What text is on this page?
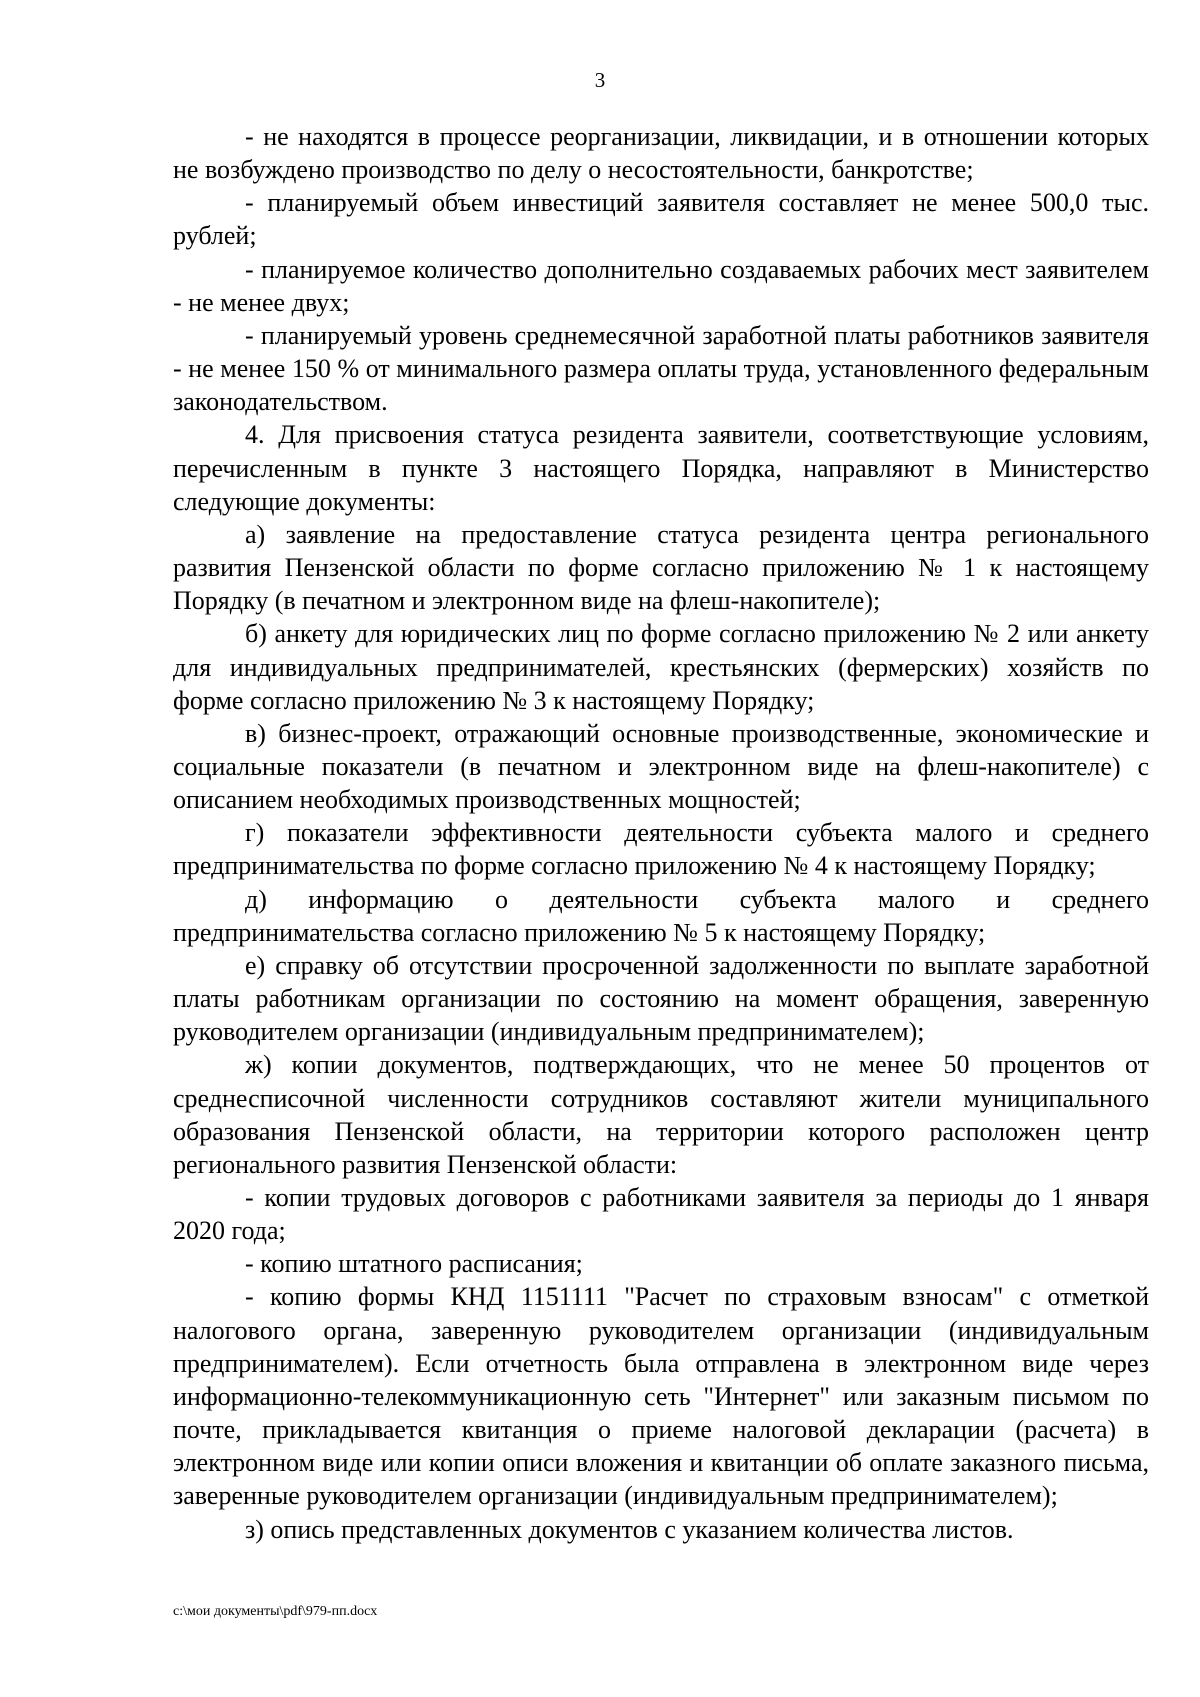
3

- не находятся в процессе реорганизации, ликвидации, и в отношении которых не возбуждено производство по делу о несостоятельности, банкротстве;

- планируемый объем инвестиций заявителя составляет не менее 500,0 тыс. рублей;

- планируемое количество дополнительно создаваемых рабочих мест заявителем - не менее двух;

- планируемый уровень среднемесячной заработной платы работников заявителя - не менее 150 % от минимального размера оплаты труда, установленного федеральным законодательством.

4. Для присвоения статуса резидента заявители, соответствующие условиям, перечисленным в пункте 3 настоящего Порядка, направляют в Министерство следующие документы:

а) заявление на предоставление статуса резидента центра регионального развития Пензенской области по форме согласно приложению № 1 к настоящему Порядку (в печатном и электронном виде на флеш-накопителе);

б) анкету для юридических лиц по форме согласно приложению № 2 или анкету для индивидуальных предпринимателей, крестьянских (фермерских) хозяйств по форме согласно приложению № 3 к настоящему Порядку;

в) бизнес-проект, отражающий основные производственные, экономические и социальные показатели (в печатном и электронном виде на флеш-накопителе) с описанием необходимых производственных мощностей;

г) показатели эффективности деятельности субъекта малого и среднего предпринимательства по форме согласно приложению № 4 к настоящему Порядку;

д) информацию о деятельности субъекта малого и среднего предпринимательства согласно приложению № 5 к настоящему Порядку;

е) справку об отсутствии просроченной задолженности по выплате заработной платы работникам организации по состоянию на момент обращения, заверенную руководителем организации (индивидуальным предпринимателем);

ж) копии документов, подтверждающих, что не менее 50 процентов от среднесписочной численности сотрудников составляют жители муниципального образования Пензенской области, на территории которого расположен центр регионального развития Пензенской области:

- копии трудовых договоров с работниками заявителя за периоды до 1 января 2020 года;

- копию штатного расписания;

- копию формы КНД 1151111 "Расчет по страховым взносам" с отметкой налогового органа, заверенную руководителем организации (индивидуальным предпринимателем). Если отчетность была отправлена в электронном виде через информационно-телекоммуникационную сеть "Интернет" или заказным письмом по почте, прикладывается квитанция о приеме налоговой декларации (расчета) в электронном виде или копии описи вложения и квитанции об оплате заказного письма, заверенные руководителем организации (индивидуальным предпринимателем);

з) опись представленных документов с указанием количества листов.

c:\мои документы\pdf\979-пп.docx
